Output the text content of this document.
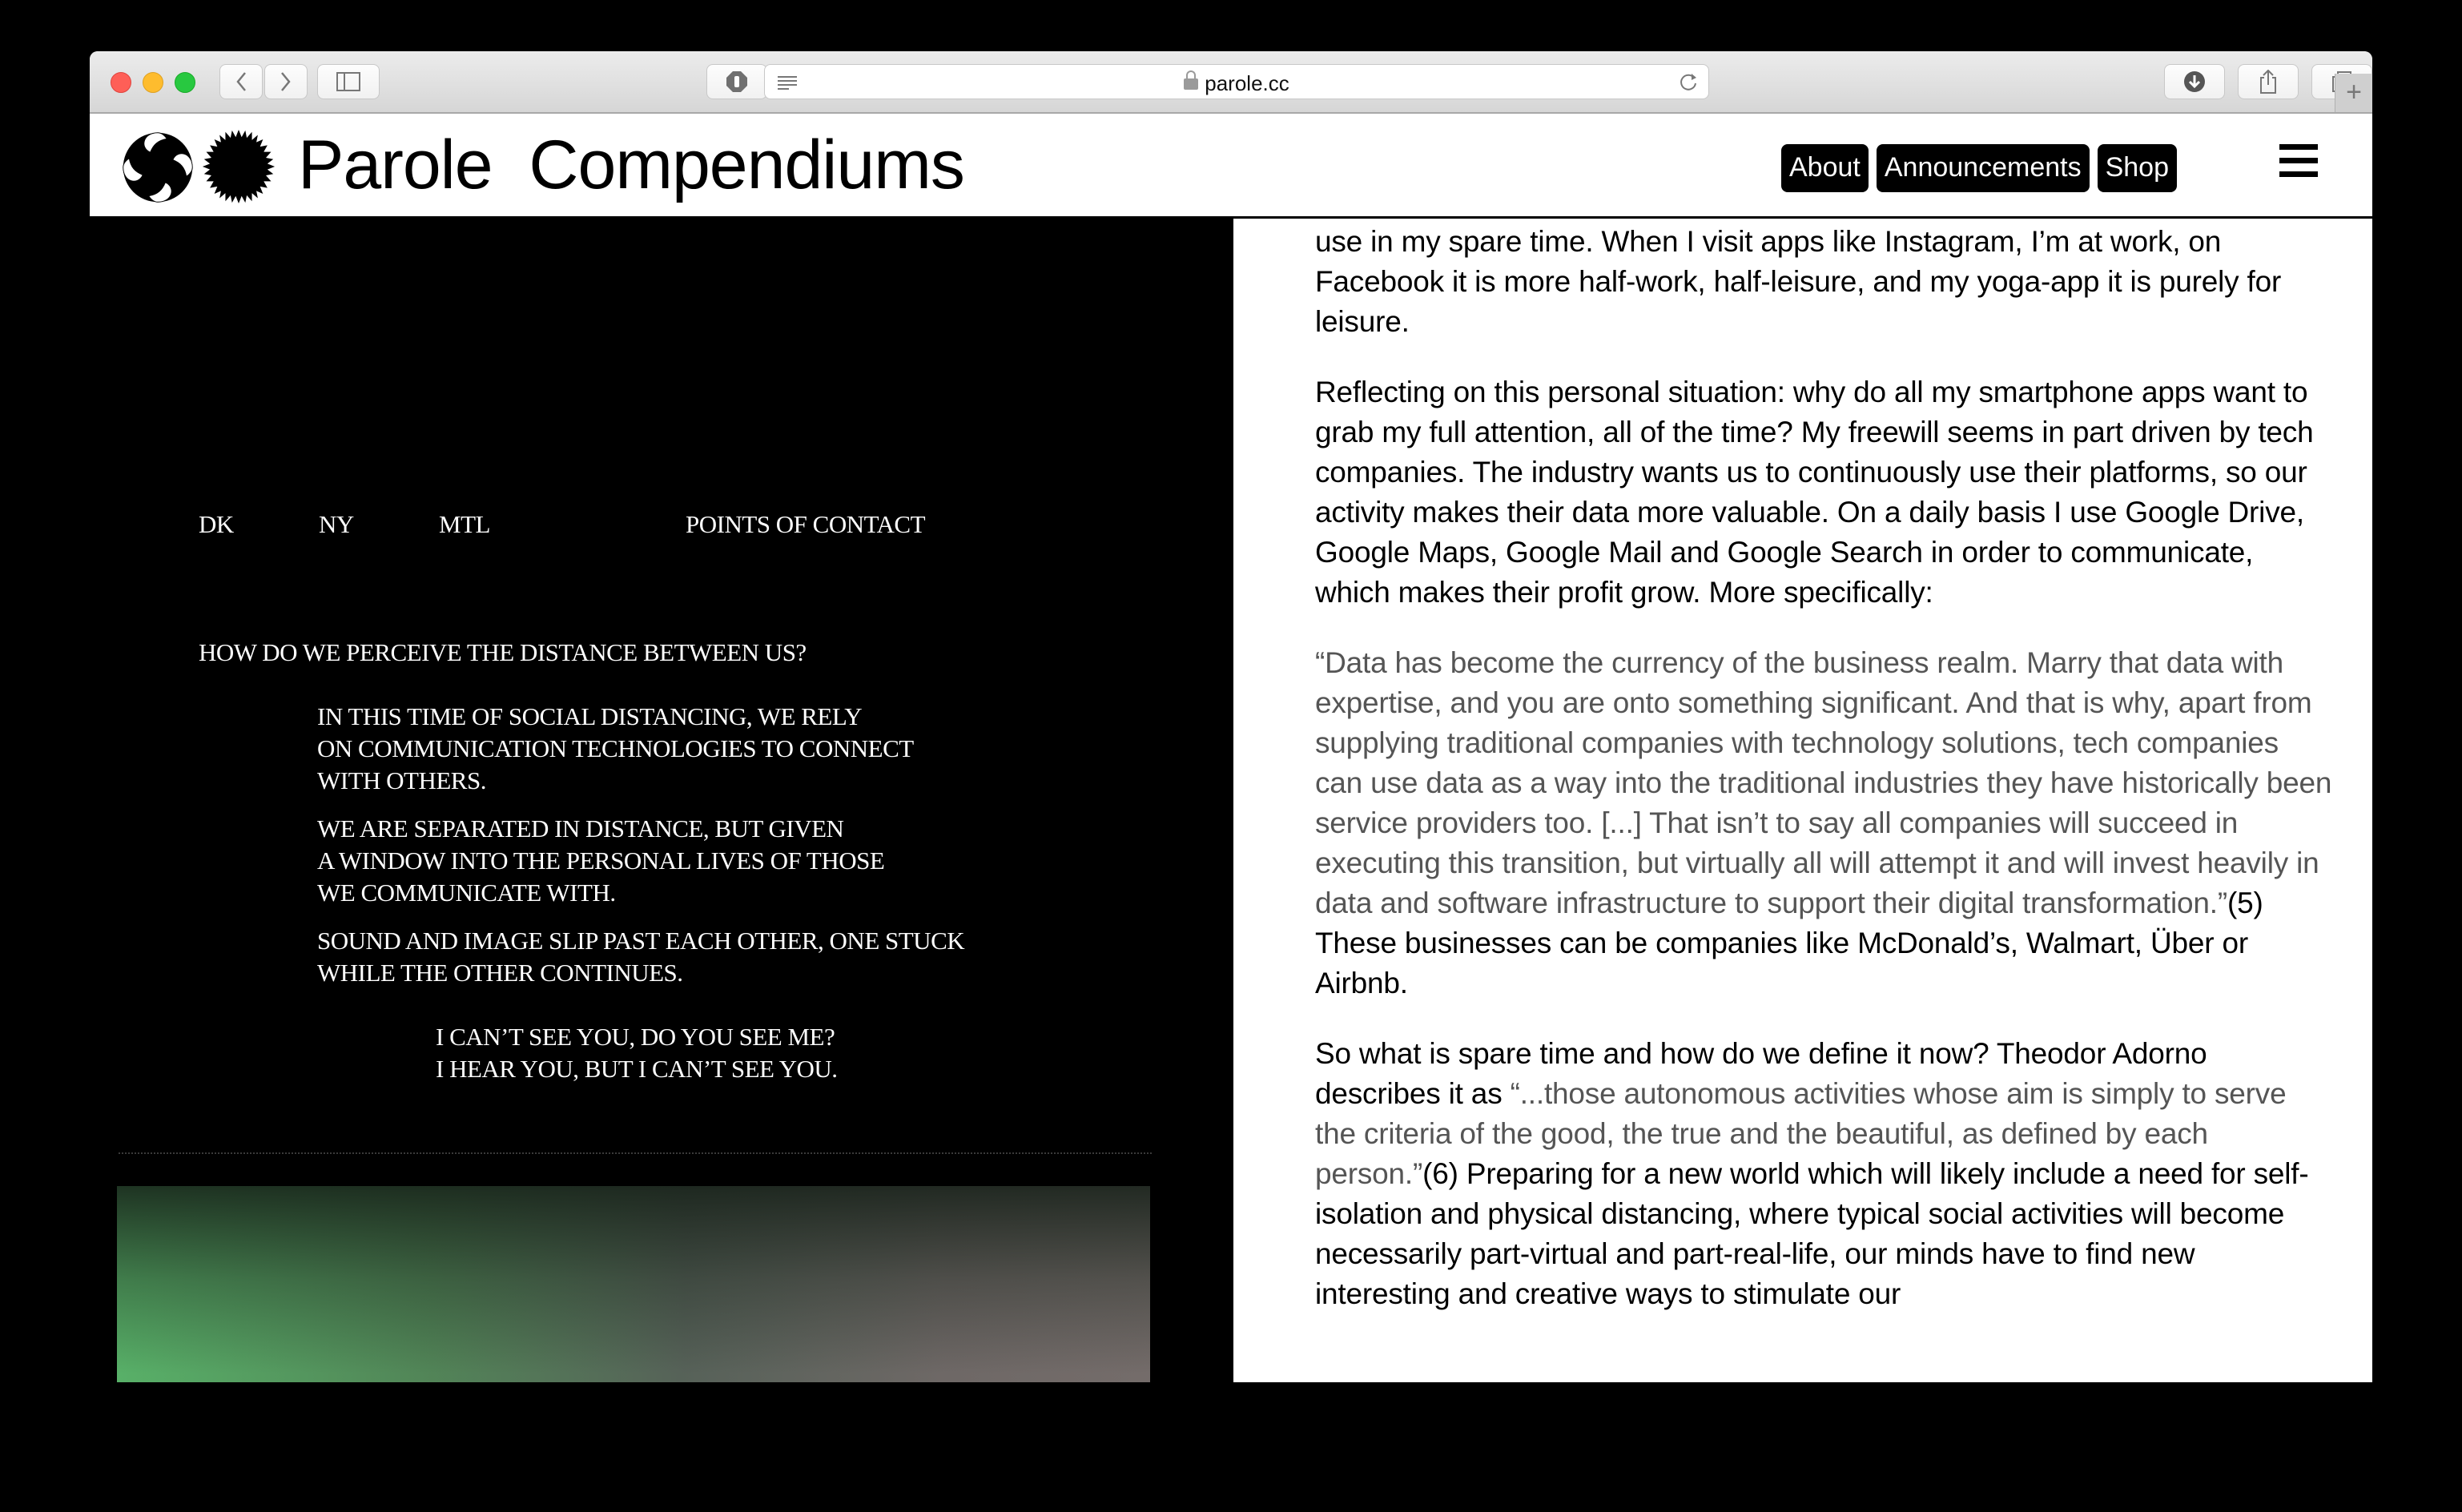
parole.cc	+
Parole  Compendiums	About Announcements Shop
DK	NY	MTL	POINTS OF CONTACT
HOW DO WE PERCEIVE THE DISTANCE BETWEEN US?
IN THIS TIME OF SOCIAL DISTANCING, WE RELY
ON COMMUNICATION TECHNOLOGIES TO CONNECT
WITH OTHERS.
WE ARE SEPARATED IN DISTANCE, BUT GIVEN
A WINDOW INTO THE PERSONAL LIVES OF THOSE
WE COMMUNICATE WITH.
SOUND AND IMAGE SLIP PAST EACH OTHER, ONE STUCK
WHILE THE OTHER CONTINUES.
I CAN’T SEE YOU, DO YOU SEE ME?
I HEAR YOU, BUT I CAN’T SEE YOU.

use in my spare time. When I visit apps like Instagram, I’m at work, on Facebook it is more half-work, half-leisure, and my yoga-app it is purely for leisure.

Reflecting on this personal situation: why do all my smartphone apps want to grab my full attention, all of the time? My freewill seems in part driven by tech companies. The industry wants us to continuously use their platforms, so our activity makes their data more valuable. On a daily basis I use Google Drive, Google Maps, Google Mail and Google Search in order to communicate, which makes their profit grow. More specifically:

“Data has become the currency of the business realm. Marry that data with expertise, and you are onto something significant. And that is why, apart from supplying traditional companies with technology solutions, tech companies can use data as a way into the traditional industries they have historically been service providers too. [...] That isn’t to say all companies will succeed in executing this transition, but virtually all will attempt it and will invest heavily in data and software infrastructure to support their digital transformation.”(5) These businesses can be companies like McDonald’s, Walmart, Über or Airbnb.

So what is spare time and how do we define it now? Theodor Adorno describes it as “...those autonomous activities whose aim is simply to serve the criteria of the good, the true and the beautiful, as defined by each person.”(6) Preparing for a new world which will likely include a need for self-isolation and physical distancing, where typical social activities will become necessarily part-virtual and part-real-life, our minds have to find new interesting and creative ways to stimulate our
